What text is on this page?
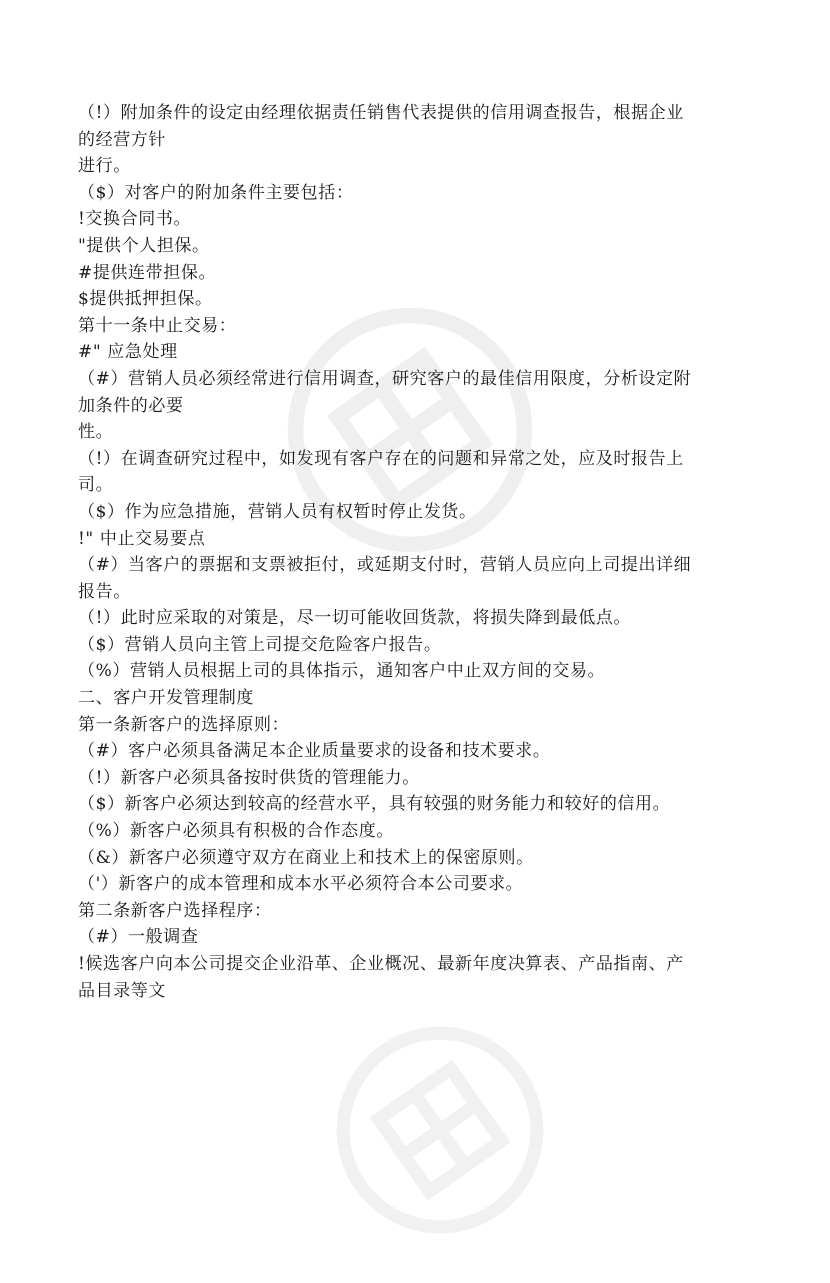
（!）附加条件的设定由经理依据责任销售代表提供的信用调查报告，根据企业
的经营方针
进行。
（$）对客户的附加条件主要包括：
!交换合同书。
"提供个人担保。
#提供连带担保。
$提供抵押担保。
第十一条中止交易：
#" 应急处理
（#）营销人员必须经常进行信用调查，研究客户的最佳信用限度，分析设定附
加条件的必要
性。
（!）在调查研究过程中，如发现有客户存在的问题和异常之处，应及时报告上
司。
（$）作为应急措施，营销人员有权暂时停止发货。
!" 中止交易要点
（#）当客户的票据和支票被拒付，或延期支付时，营销人员应向上司提出详细
报告。
（!）此时应采取的对策是，尽一切可能收回货款，将损失降到最低点。
（$）营销人员向主管上司提交危险客户报告。
（%）营销人员根据上司的具体指示，通知客户中止双方间的交易。
二、客户开发管理制度
第一条新客户的选择原则：
（#）客户必须具备满足本企业质量要求的设备和技术要求。
（!）新客户必须具备按时供货的管理能力。
（$）新客户必须达到较高的经营水平，具有较强的财务能力和较好的信用。
（%）新客户必须具有积极的合作态度。
（&）新客户必须遵守双方在商业上和技术上的保密原则。
（'）新客户的成本管理和成本水平必须符合本公司要求。
第二条新客户选择程序：
（#）一般调查
!候选客户向本公司提交企业沿革、企业概况、最新年度决算表、产品指南、产
品目录等文
